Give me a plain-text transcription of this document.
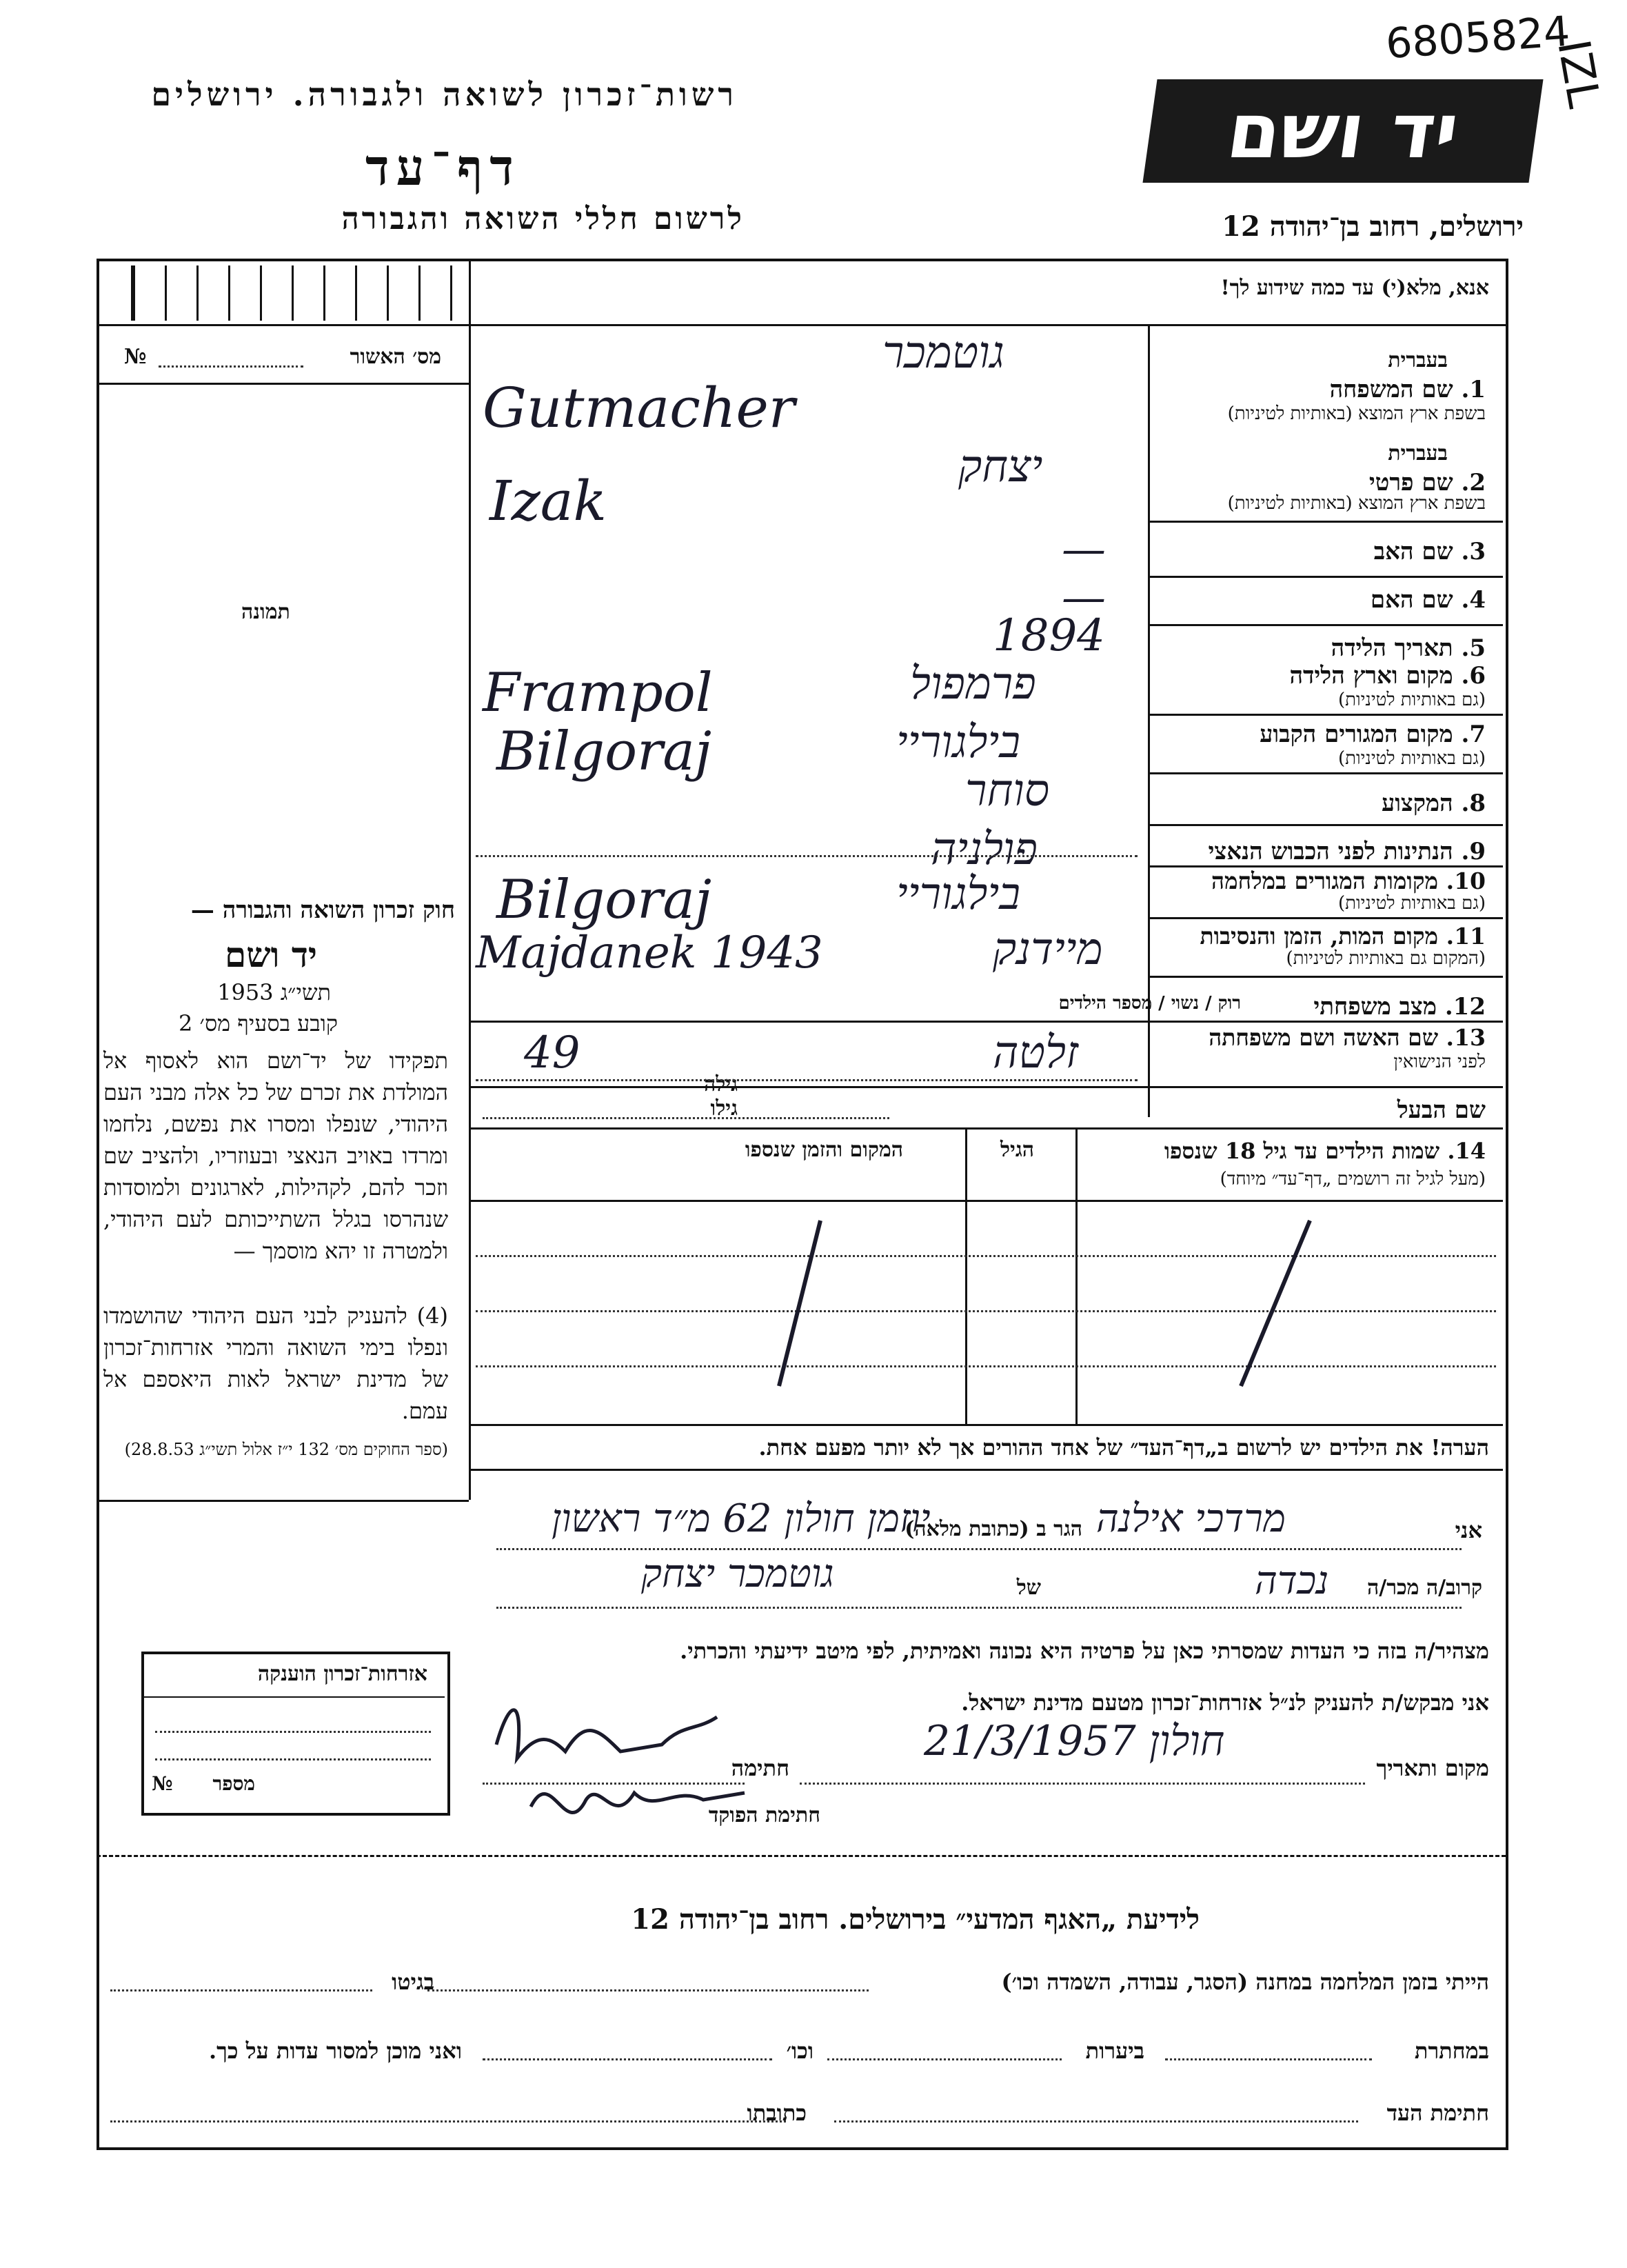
רשות־זכרון לשואה ולגבורה. ירושלים
דף־עד
לרשום חללי השואה והגבורה
יד ושם
ירושלים, רחוב בן־יהודה 12
6805824
IZL
אנא, מלא(י) עד כמה שידוע לך!
מס׳ האשור
№
תמונה
בעברית
1. שם המשפחה
בשפת ארץ המוצא (באותיות לטיניות)
בעברית
2. שם פרטי
בשפת ארץ המוצא (באותיות לטיניות)
3. שם האב
4. שם האם
5. תאריך הלידה
6. מקום וארץ הלידה
(גם באותיות לטיניות)
7. מקום המגורים הקבוע
(גם באותיות לטיניות)
8. המקצוע
9. הנתינות לפני הכבוש הנאצי
10. מקומות המגורים במלחמה
(גם באותיות לטיניות)
11. מקום המות, הזמן והנסיבות
(המקום גם באותיות לטיניות)
12. מצב משפחתי
רוק / נשוי / מספר הילדים
13. שם האשה ושם משפחתה
לפני הנישואין
גילה
שם הבעל
גילו
גוטמכר
Gutmacher
יצחק
Izak
—
—
1894
פרמפול
Frampol
בילגוריי
Bilgoraj
סוחר
פולניה
בילגוריי
Bilgoraj
מיידנק
Majdanek 1943
זלטה
49
14. שמות הילדים עד גיל 18 שנספו
(מעל לגיל זה רושמים „דף־עד״ מיוחד)
הגיל
המקום והזמן שנספו
הערה! את הילדים יש לרשום ב„דף־העד״ של אחד ההורים אך לא יותר מפעם אחת.
חוק זכרון השואה והגבורה —
יד ושם
תשי״ג 1953
קובע בסעיף מס׳ 2
תפקידו של יד־ושם הוא לאסוף אל המולדת את זכרם של כל אלה מבני העם היהודי, שנפלו ומסרו את נפשם, נלחמו ומרדו באויב הנאצי ובעוזריו, ולהציב שם וזכר להם, לקהילות, לארגונים ולמוסדות שנהרסו בגלל השתייכותם לעם היהודי, ולמטרה זו יהא מוסמך —
(4) להעניק לבני העם היהודי שהושמדו ונפלו בימי השואה והמרי אזרחות־זכרון של מדינת ישראל לאות היאספם אל עמם.
(ספר החוקים מס׳ 132 י״ז אלול תשי״ג 28.8.53)
אני
מרדכי אילנה
הגר ב (כתובת מלאה)
יוזמן חולון 62 מ״ד ראשון
קרוב/ה מכר/ה
נכדה
של
גוטמכר יצחק
מצהיר/ה בזה כי העדות שמסרתי כאן על פרטיה היא נכונה ואמיתית, לפי מיטב ידיעתי והכרתי.
אני מבקש/ת להעניק לנ״ל אזרחות־זכרון מטעם מדינת ישראל.
מקום ותאריך
חולון 21/3/1957
חתימה
חתימת הפוקד
אזרחות־זכרון הוענקה
מספר
№
לידיעת „האגף המדעי״ בירושלים. רחוב בן־יהודה 12
הייתי בזמן המלחמה במחנה (הסגר, עבודה, השמדה וכו׳)
בגיטו
במחתרת
ביערות
וכו׳
ואני מוכן למסור עדות על כך.
חתימת העד
כתובתו
